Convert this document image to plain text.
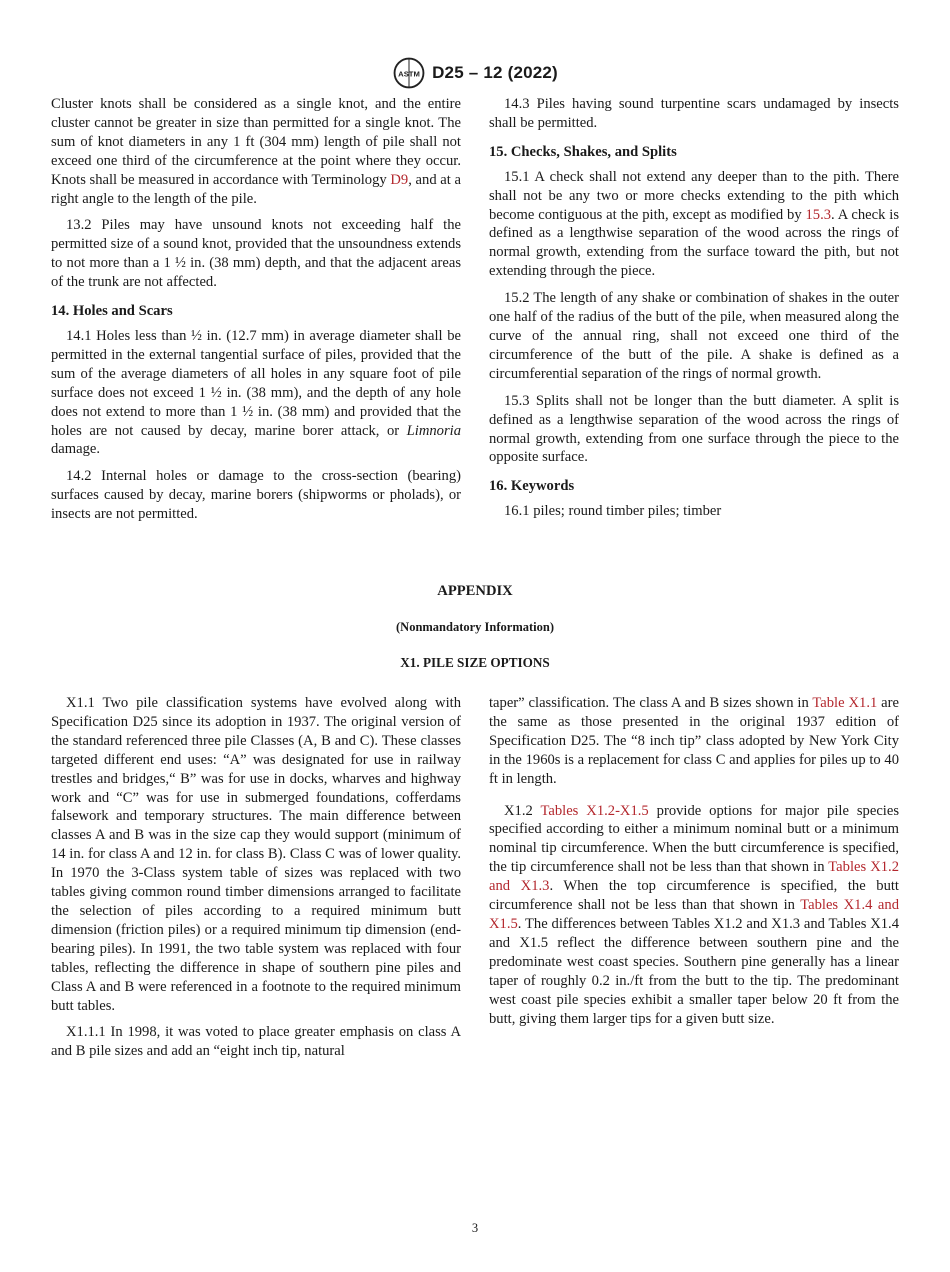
ASTM D25 – 12 (2022)

Cluster knots shall be considered as a single knot, and the entire cluster cannot be greater in size than permitted for a single knot. The sum of knot diameters in any 1 ft (304 mm) length of pile shall not exceed one third of the circumference at the point where they occur. Knots shall be measured in accordance with Terminology D9, and at a right angle to the length of the pile.

13.2 Piles may have unsound knots not exceeding half the permitted size of a sound knot, provided that the unsoundness extends to not more than a 1 ½ in. (38 mm) depth, and that the adjacent areas of the trunk are not affected.

14. Holes and Scars

14.1 Holes less than ½ in. (12.7 mm) in average diameter shall be permitted in the external tangential surface of piles, provided that the sum of the average diameters of all holes in any square foot of pile surface does not exceed 1 ½ in. (38 mm), and the depth of any hole does not extend to more than 1 ½ in. (38 mm) and provided that the holes are not caused by decay, marine borer attack, or Limnoria damage.

14.2 Internal holes or damage to the cross-section (bearing) surfaces caused by decay, marine borers (shipworms or pholads), or insects are not permitted.

14.3 Piles having sound turpentine scars undamaged by insects shall be permitted.

15. Checks, Shakes, and Splits

15.1 A check shall not extend any deeper than to the pith. There shall not be any two or more checks extending to the pith which become contiguous at the pith, except as modified by 15.3. A check is defined as a lengthwise separation of the wood across the rings of normal growth, extending from the surface toward the pith, but not extending through the piece.

15.2 The length of any shake or combination of shakes in the outer one half of the radius of the butt of the pile, when measured along the curve of the annual ring, shall not exceed one third of the circumference of the butt of the pile. A shake is defined as a circumferential separation of the rings of normal growth.

15.3 Splits shall not be longer than the butt diameter. A split is defined as a lengthwise separation of the wood across the rings of normal growth, extending from one surface through the piece to the opposite surface.

16. Keywords

16.1 piles; round timber piles; timber

APPENDIX
(Nonmandatory Information)
X1. PILE SIZE OPTIONS

X1.1 Two pile classification systems have evolved along with Specification D25 since its adoption in 1937. The original version of the standard referenced three pile Classes (A, B and C). These classes targeted different end uses: “A” was designated for use in railway trestles and bridges,“ B” was for use in docks, wharves and highway work and “C” was for use in submerged foundations, cofferdams falsework and temporary structures. The main difference between classes A and B was in the size cap they would support (minimum of 14 in. for class A and 12 in. for class B). Class C was of lower quality. In 1970 the 3-Class system table of sizes was replaced with two tables giving common round timber dimensions arranged to facilitate the selection of piles according to a required minimum butt dimension (friction piles) or a required minimum tip dimension (end-bearing piles). In 1991, the two table system was replaced with four tables, reflecting the difference in shape of southern pine piles and Class A and B were referenced in a footnote to the required minimum butt tables.

X1.1.1 In 1998, it was voted to place greater emphasis on class A and B pile sizes and add an “eight inch tip, natural

taper” classification. The class A and B sizes shown in Table X1.1 are the same as those presented in the original 1937 edition of Specification D25. The “8 inch tip” class adopted by New York City in the 1960s is a replacement for class C and applies for piles up to 40 ft in length.

X1.2 Tables X1.2-X1.5 provide options for major pile species specified according to either a minimum nominal butt or a minimum nominal tip circumference. When the butt circumference is specified, the tip circumference shall not be less than that shown in Tables X1.2 and X1.3. When the top circumference is specified, the butt circumference shall not be less than that shown in Tables X1.4 and X1.5. The differences between Tables X1.2 and X1.3 and Tables X1.4 and X1.5 reflect the difference between southern pine and the predominate west coast species. Southern pine generally has a linear taper of roughly 0.2 in./ft from the butt to the tip. The predominant west coast pile species exhibit a smaller taper below 20 ft from the butt, giving them larger tips for a given butt size.

3
